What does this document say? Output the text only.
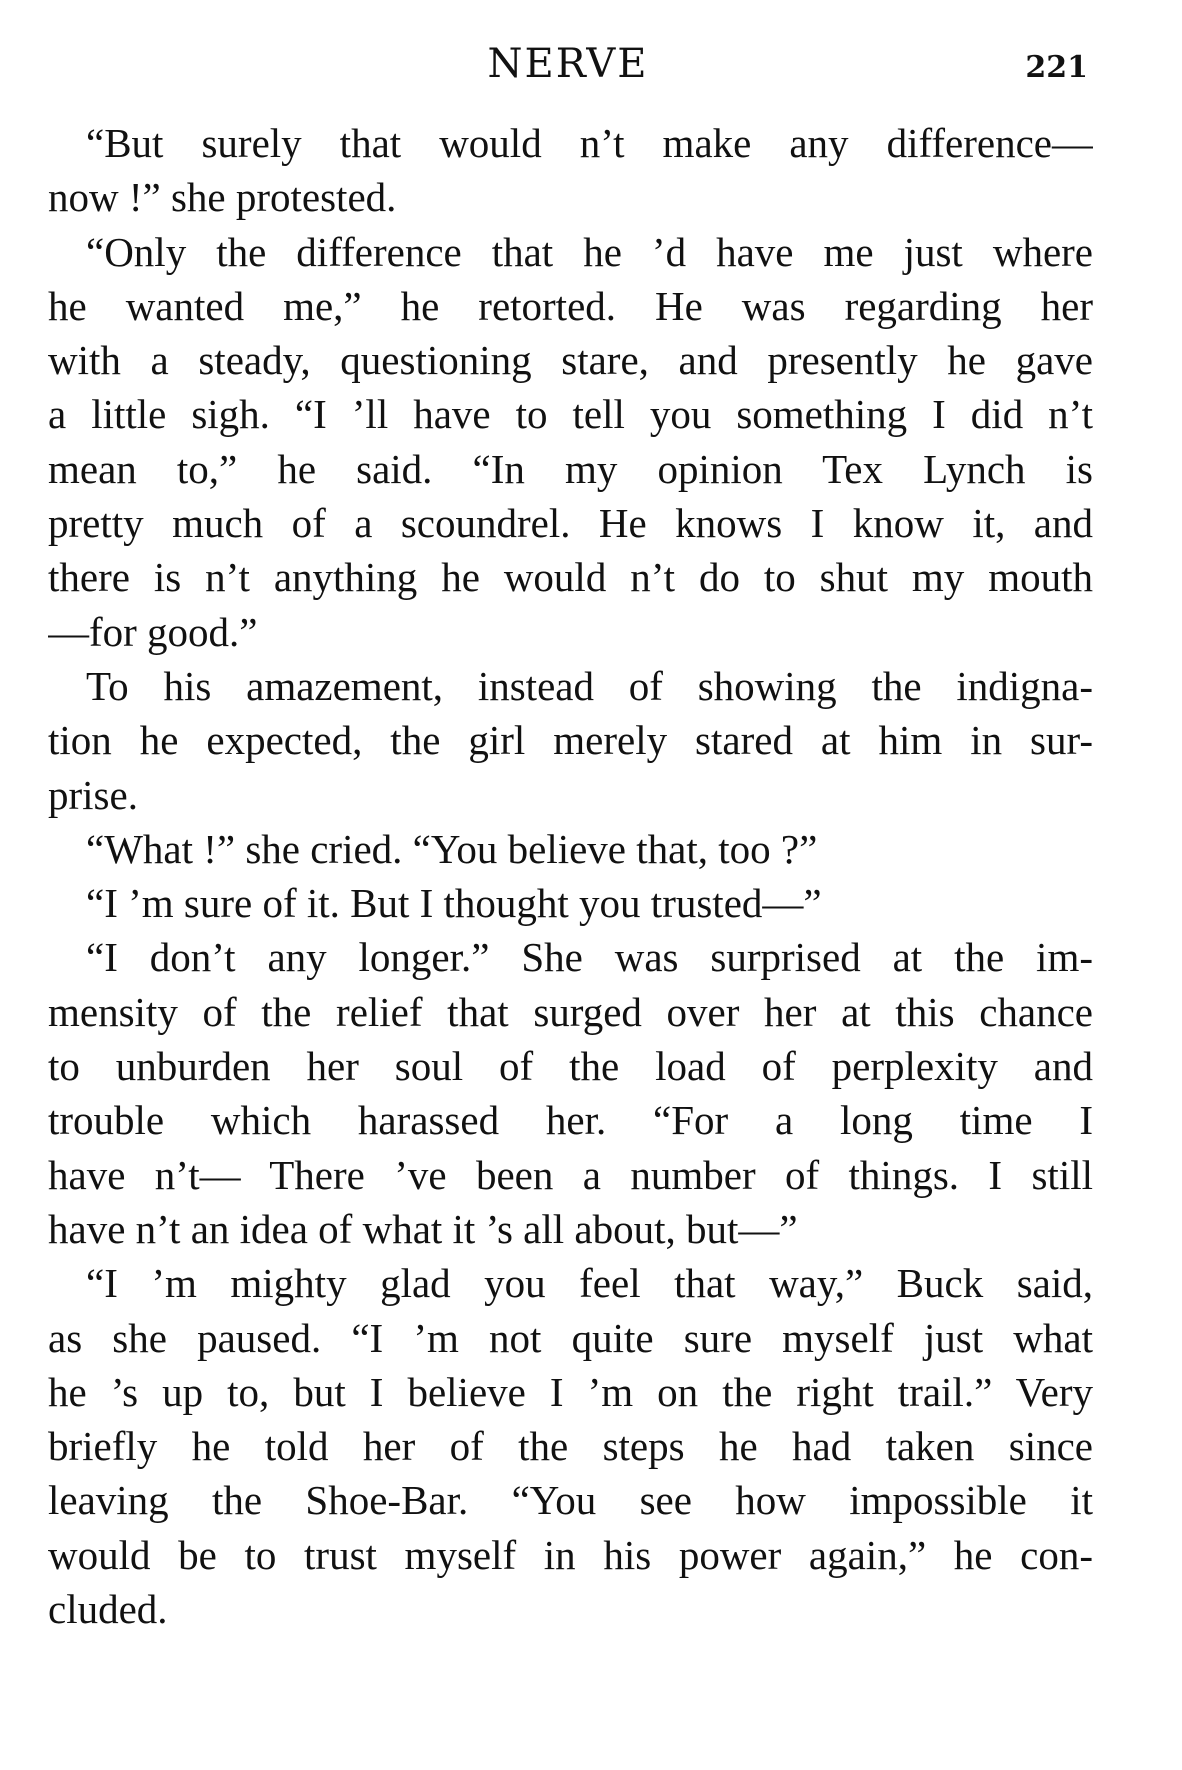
NERVE	221
“But surely that would n’t make any difference—
now !” she protested.
“Only the difference that he ’d have me just where
he wanted me,” he retorted. He was regarding her
with a steady, questioning stare, and presently he gave
a little sigh. “I ’ll have to tell you something I did n’t
mean to,” he said. “In my opinion Tex Lynch is
pretty much of a scoundrel. He knows I know it, and
there is n’t anything he would n’t do to shut my mouth
—for good.”
To his amazement, instead of showing the indigna-
tion he expected, the girl merely stared at him in sur-
prise.
“What !” she cried. “You believe that, too ?”
“I ’m sure of it. But I thought you trusted—”
“I don’t any longer.” She was surprised at the im-
mensity of the relief that surged over her at this chance
to unburden her soul of the load of perplexity and
trouble which harassed her. “For a long time I
have n’t— There ’ve been a number of things. I still
have n’t an idea of what it ’s all about, but—”
“I ’m mighty glad you feel that way,” Buck said,
as she paused. “I ’m not quite sure myself just what
he ’s up to, but I believe I ’m on the right trail.” Very
briefly he told her of the steps he had taken since
leaving the Shoe-Bar. “You see how impossible it
would be to trust myself in his power again,” he con-
cluded.
